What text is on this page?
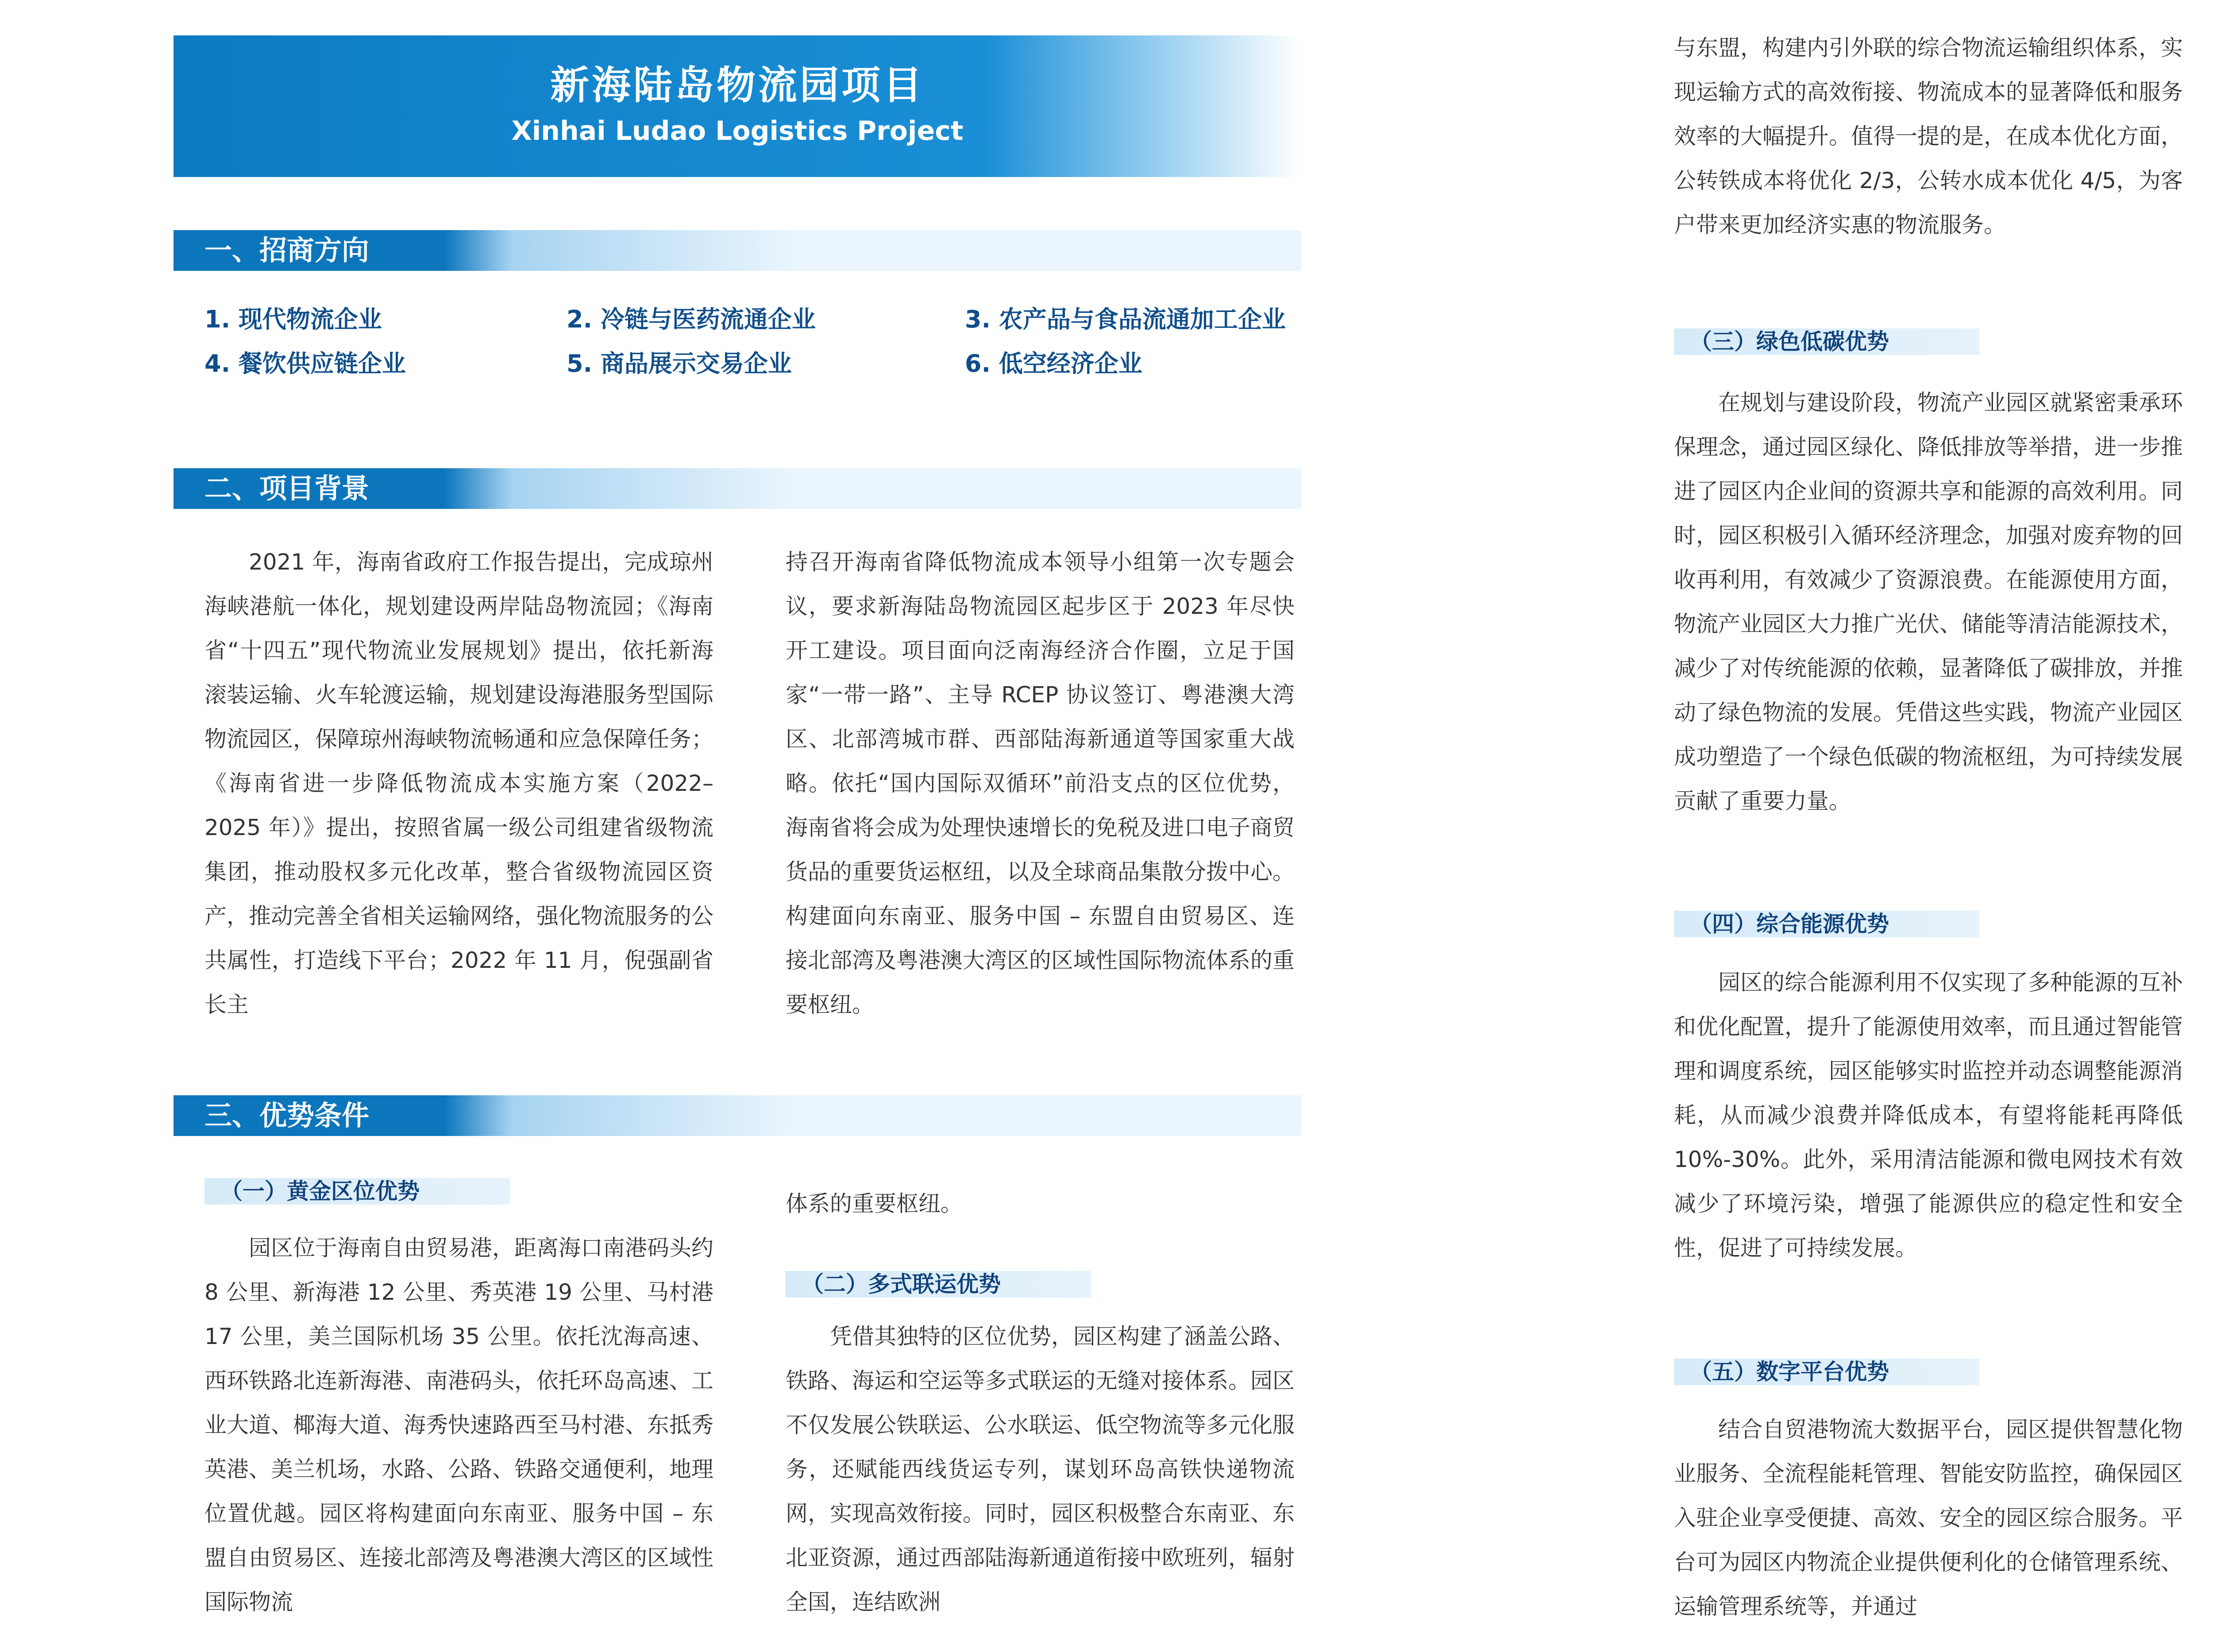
新海陆岛物流园项目
Xinhai Ludao Logistics Project
一、招商方向
1. 现代物流企业	2. 冷链与医药流通企业	3. 农产品与食品流通加工企业
4. 餐饮供应链企业	5. 商品展示交易企业	6. 低空经济企业
二、项目背景

2021 年，海南省政府工作报告提出，完成琼州海峡港航一体化，规划建设两岸陆岛物流园；《海南省“十四五”现代物流业发展规划》提出，依托新海滚装运输、火车轮渡运输，规划建设海港服务型国际物流园区，保障琼州海峡物流畅通和应急保障任务；《海南省进一步降低物流成本实施方案（2022–2025 年）》提出，按照省属一级公司组建省级物流集团，推动股权多元化改革，整合省级物流园区资产，推动完善全省相关运输网络，强化物流服务的公共属性，打造线下平台；2022 年 11 月，倪强副省长主

持召开海南省降低物流成本领导小组第一次专题会议，要求新海陆岛物流园区起步区于 2023 年尽快开工建设。项目面向泛南海经济合作圈，立足于国家“一带一路”、主导 RCEP 协议签订、粤港澳大湾区、北部湾城市群、西部陆海新通道等国家重大战略。依托“国内国际双循环”前沿支点的区位优势，海南省将会成为处理快速增长的免税及进口电子商贸货品的重要货运枢纽，以及全球商品集散分拨中心。构建面向东南亚、服务中国 – 东盟自由贸易区、连接北部湾及粤港澳大湾区的区域性国际物流体系的重要枢纽。

三、优势条件
（一）黄金区位优势

园区位于海南自由贸易港，距离海口南港码头约 8 公里、新海港 12 公里、秀英港 19 公里、马村港 17 公里，美兰国际机场 35 公里。依托沈海高速、西环铁路北连新海港、南港码头，依托环岛高速、工业大道、椰海大道、海秀快速路西至马村港、东抵秀英港、美兰机场，水路、公路、铁路交通便利，地理位置优越。园区将构建面向东南亚、服务中国 – 东盟自由贸易区、连接北部湾及粤港澳大湾区的区域性国际物流

体系的重要枢纽。

（二）多式联运优势

凭借其独特的区位优势，园区构建了涵盖公路、铁路、海运和空运等多式联运的无缝对接体系。园区不仅发展公铁联运、公水联运、低空物流等多元化服务，还赋能西线货运专列，谋划环岛高铁快递物流网，实现高效衔接。同时，园区积极整合东南亚、东北亚资源，通过西部陆海新通道衔接中欧班列，辐射全国，连结欧洲

与东盟，构建内引外联的综合物流运输组织体系，实现运输方式的高效衔接、物流成本的显著降低和服务效率的大幅提升。值得一提的是，在成本优化方面，公转铁成本将优化 2/3，公转水成本优化 4/5，为客户带来更加经济实惠的物流服务。

（三）绿色低碳优势

在规划与建设阶段，物流产业园区就紧密秉承环保理念，通过园区绿化、降低排放等举措，进一步推进了园区内企业间的资源共享和能源的高效利用。同时，园区积极引入循环经济理念，加强对废弃物的回收再利用，有效减少了资源浪费。在能源使用方面，物流产业园区大力推广光伏、储能等清洁能源技术，减少了对传统能源的依赖，显著降低了碳排放，并推动了绿色物流的发展。凭借这些实践，物流产业园区成功塑造了一个绿色低碳的物流枢纽，为可持续发展贡献了重要力量。

（四）综合能源优势

园区的综合能源利用不仅实现了多种能源的互补和优化配置，提升了能源使用效率，而且通过智能管理和调度系统，园区能够实时监控并动态调整能源消耗，从而减少浪费并降低成本，有望将能耗再降低 10%-30%。此外，采用清洁能源和微电网技术有效减少了环境污染，增强了能源供应的稳定性和安全性，促进了可持续发展。

（五）数字平台优势

结合自贸港物流大数据平台，园区提供智慧化物业服务、全流程能耗管理、智能安防监控，确保园区入驻企业享受便捷、高效、安全的园区综合服务。平台可为园区内物流企业提供便利化的仓储管理系统、运输管理系统等，并通过
